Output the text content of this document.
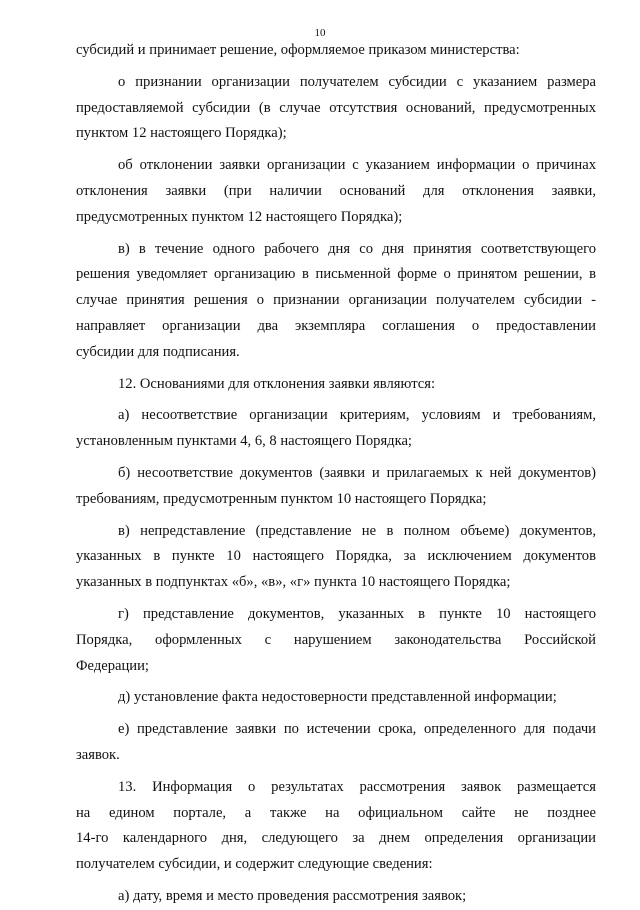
10
субсидий и принимает решение, оформляемое приказом министерства:
о признании организации получателем субсидии с указанием размера
предоставляемой субсидии (в случае отсутствия оснований, предусмотренных
пунктом 12 настоящего Порядка);
об отклонении заявки организации с указанием информации о причинах
отклонения заявки (при наличии оснований для отклонения заявки,
предусмотренных пунктом 12 настоящего Порядка);
в) в течение одного рабочего дня со дня принятия соответствующего
решения уведомляет организацию в письменной форме о принятом решении, в
случае принятия решения о признании организации получателем субсидии -
направляет организации два экземпляра соглашения о предоставлении
субсидии для подписания.
12. Основаниями для отклонения заявки являются:
а) несоответствие организации критериям, условиям и требованиям,
установленным пунктами 4, 6, 8 настоящего Порядка;
б) несоответствие документов (заявки и прилагаемых к ней документов)
требованиям, предусмотренным пунктом 10 настоящего Порядка;
в) непредставление (представление не в полном объеме) документов,
указанных в пункте 10 настоящего Порядка, за исключением документов
указанных в подпунктах «б», «в», «г» пункта 10 настоящего Порядка;
г) представление документов, указанных в пункте 10 настоящего
Порядка, оформленных с нарушением законодательства Российской
Федерации;
д) установление факта недостоверности представленной информации;
е) представление заявки по истечении срока, определенного для подачи
заявок.
13. Информация о результатах рассмотрения заявок размещается
на едином портале, а также на официальном сайте не позднее
14-го календарного дня, следующего за днем определения организации
получателем субсидии, и содержит следующие сведения:
а) дату, время и место проведения рассмотрения заявок;
